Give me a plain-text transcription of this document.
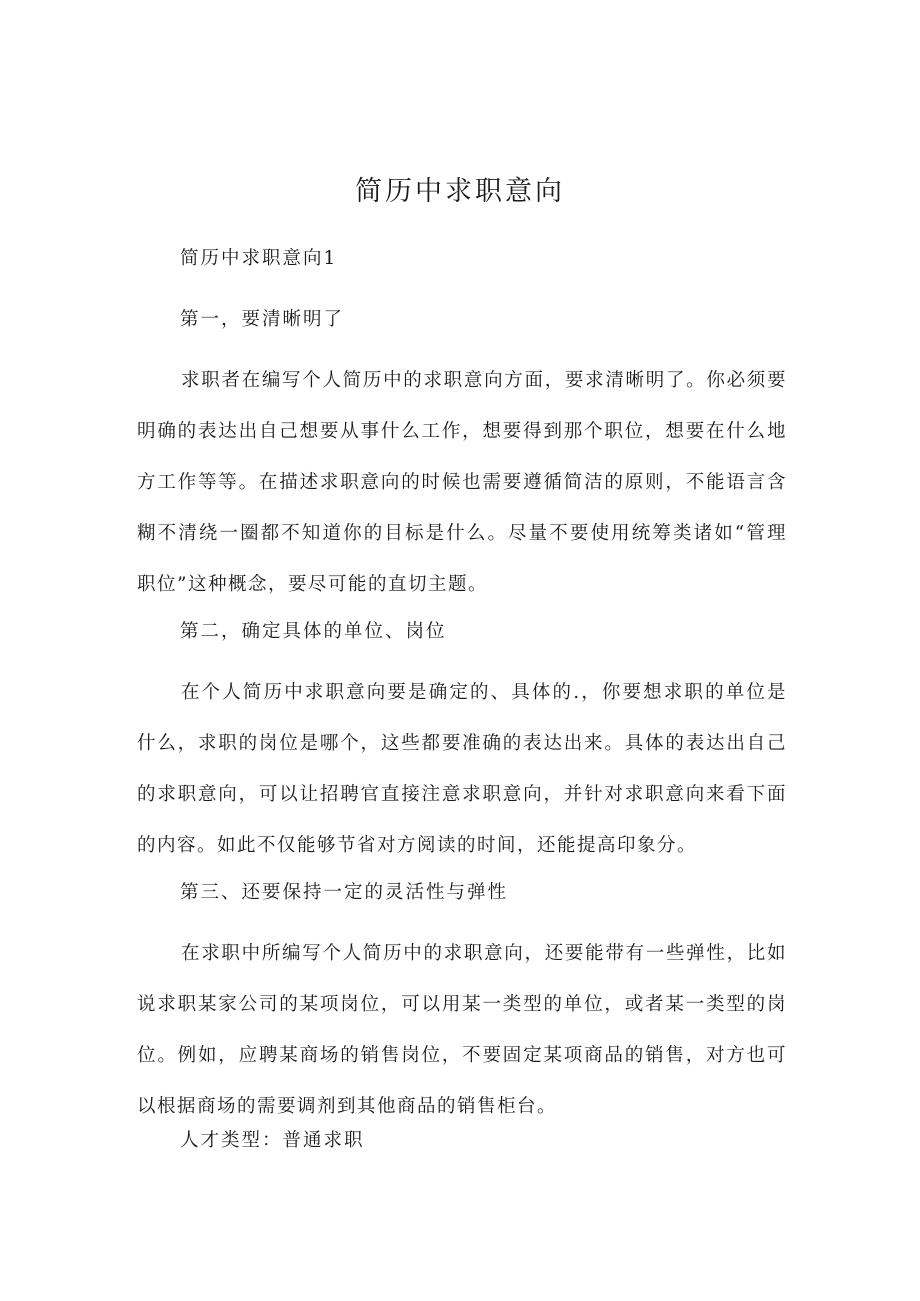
简历中求职意向

简历中求职意向1

第一，要清晰明了

求职者在编写个人简历中的求职意向方面，要求清晰明了。你必须要明确的表达出自己想要从事什么工作，想要得到那个职位，想要在什么地方工作等等。在描述求职意向的时候也需要遵循简洁的原则，不能语言含糊不清绕一圈都不知道你的目标是什么。尽量不要使用统筹类诸如“管理职位”这种概念，要尽可能的直切主题。

第二，确定具体的单位、岗位

在个人简历中求职意向要是确定的、具体的.，你要想求职的单位是什么，求职的岗位是哪个，这些都要准确的表达出来。具体的表达出自己的求职意向，可以让招聘官直接注意求职意向，并针对求职意向来看下面的内容。如此不仅能够节省对方阅读的时间，还能提高印象分。

第三、还要保持一定的灵活性与弹性

在求职中所编写个人简历中的求职意向，还要能带有一些弹性，比如说求职某家公司的某项岗位，可以用某一类型的单位，或者某一类型的岗位。例如，应聘某商场的销售岗位，不要固定某项商品的销售，对方也可以根据商场的需要调剂到其他商品的销售柜台。

人才类型：普通求职
